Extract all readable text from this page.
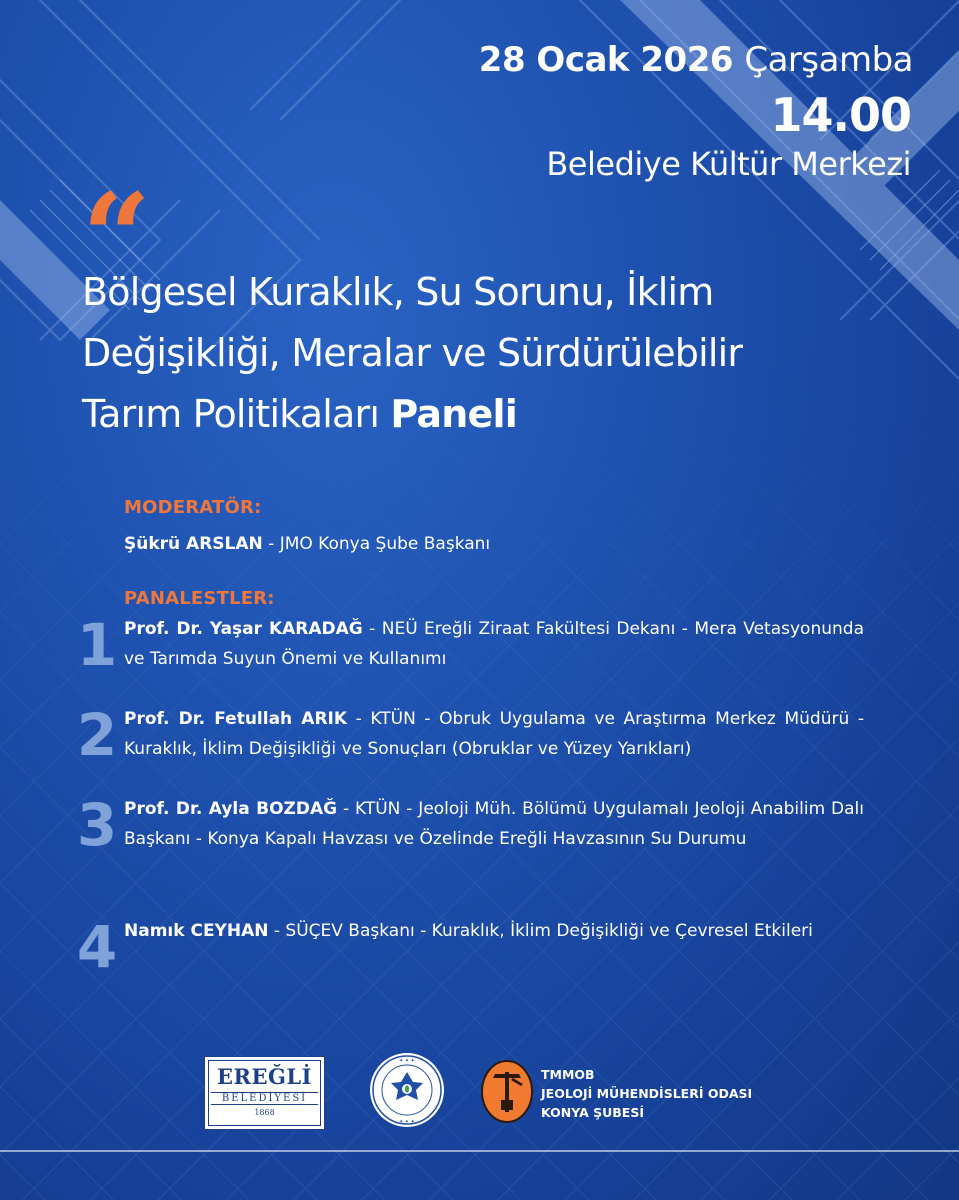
28 Ocak 2026 Çarşamba
14.00
Belediye Kültür Merkezi
“
Bölgesel Kuraklık, Su Sorunu, İklim
Değişikliği, Meralar ve Sürdürülebilir
Tarım Politikaları Paneli
MODERATÖR:
Şükrü ARSLAN - JMO Konya Şube Başkanı
PANALESTLER:
1 Prof. Dr. Yaşar KARADAĞ - NEÜ Ereğli Ziraat Fakültesi Dekanı - Mera Vetasyonunda ve Tarımda Suyun Önemi ve Kullanımı
2 Prof. Dr. Fetullah ARIK - KTÜN - Obruk Uygulama ve Araştırma Merkez Müdürü - Kuraklık, İklim Değişikliği ve Sonuçları (Obruklar ve Yüzey Yarıkları)
3 Prof. Dr. Ayla BOZDAĞ - KTÜN - Jeoloji Müh. Bölümü Uygulamalı Jeoloji Anabilim Dalı Başkanı - Konya Kapalı Havzası ve Özelinde Ereğli Havzasının Su Durumu
4 Namık CEYHAN - SÜÇEV Başkanı - Kuraklık, İklim Değişikliği ve Çevresel Etkileri
EREĞLİ
BELEDİYESİ
1868
✦ ✦ ✦
✦ ✦ ✦
TMMOB
JEOLOJİ MÜHENDİSLERİ ODASI
KONYA ŞUBESİ
